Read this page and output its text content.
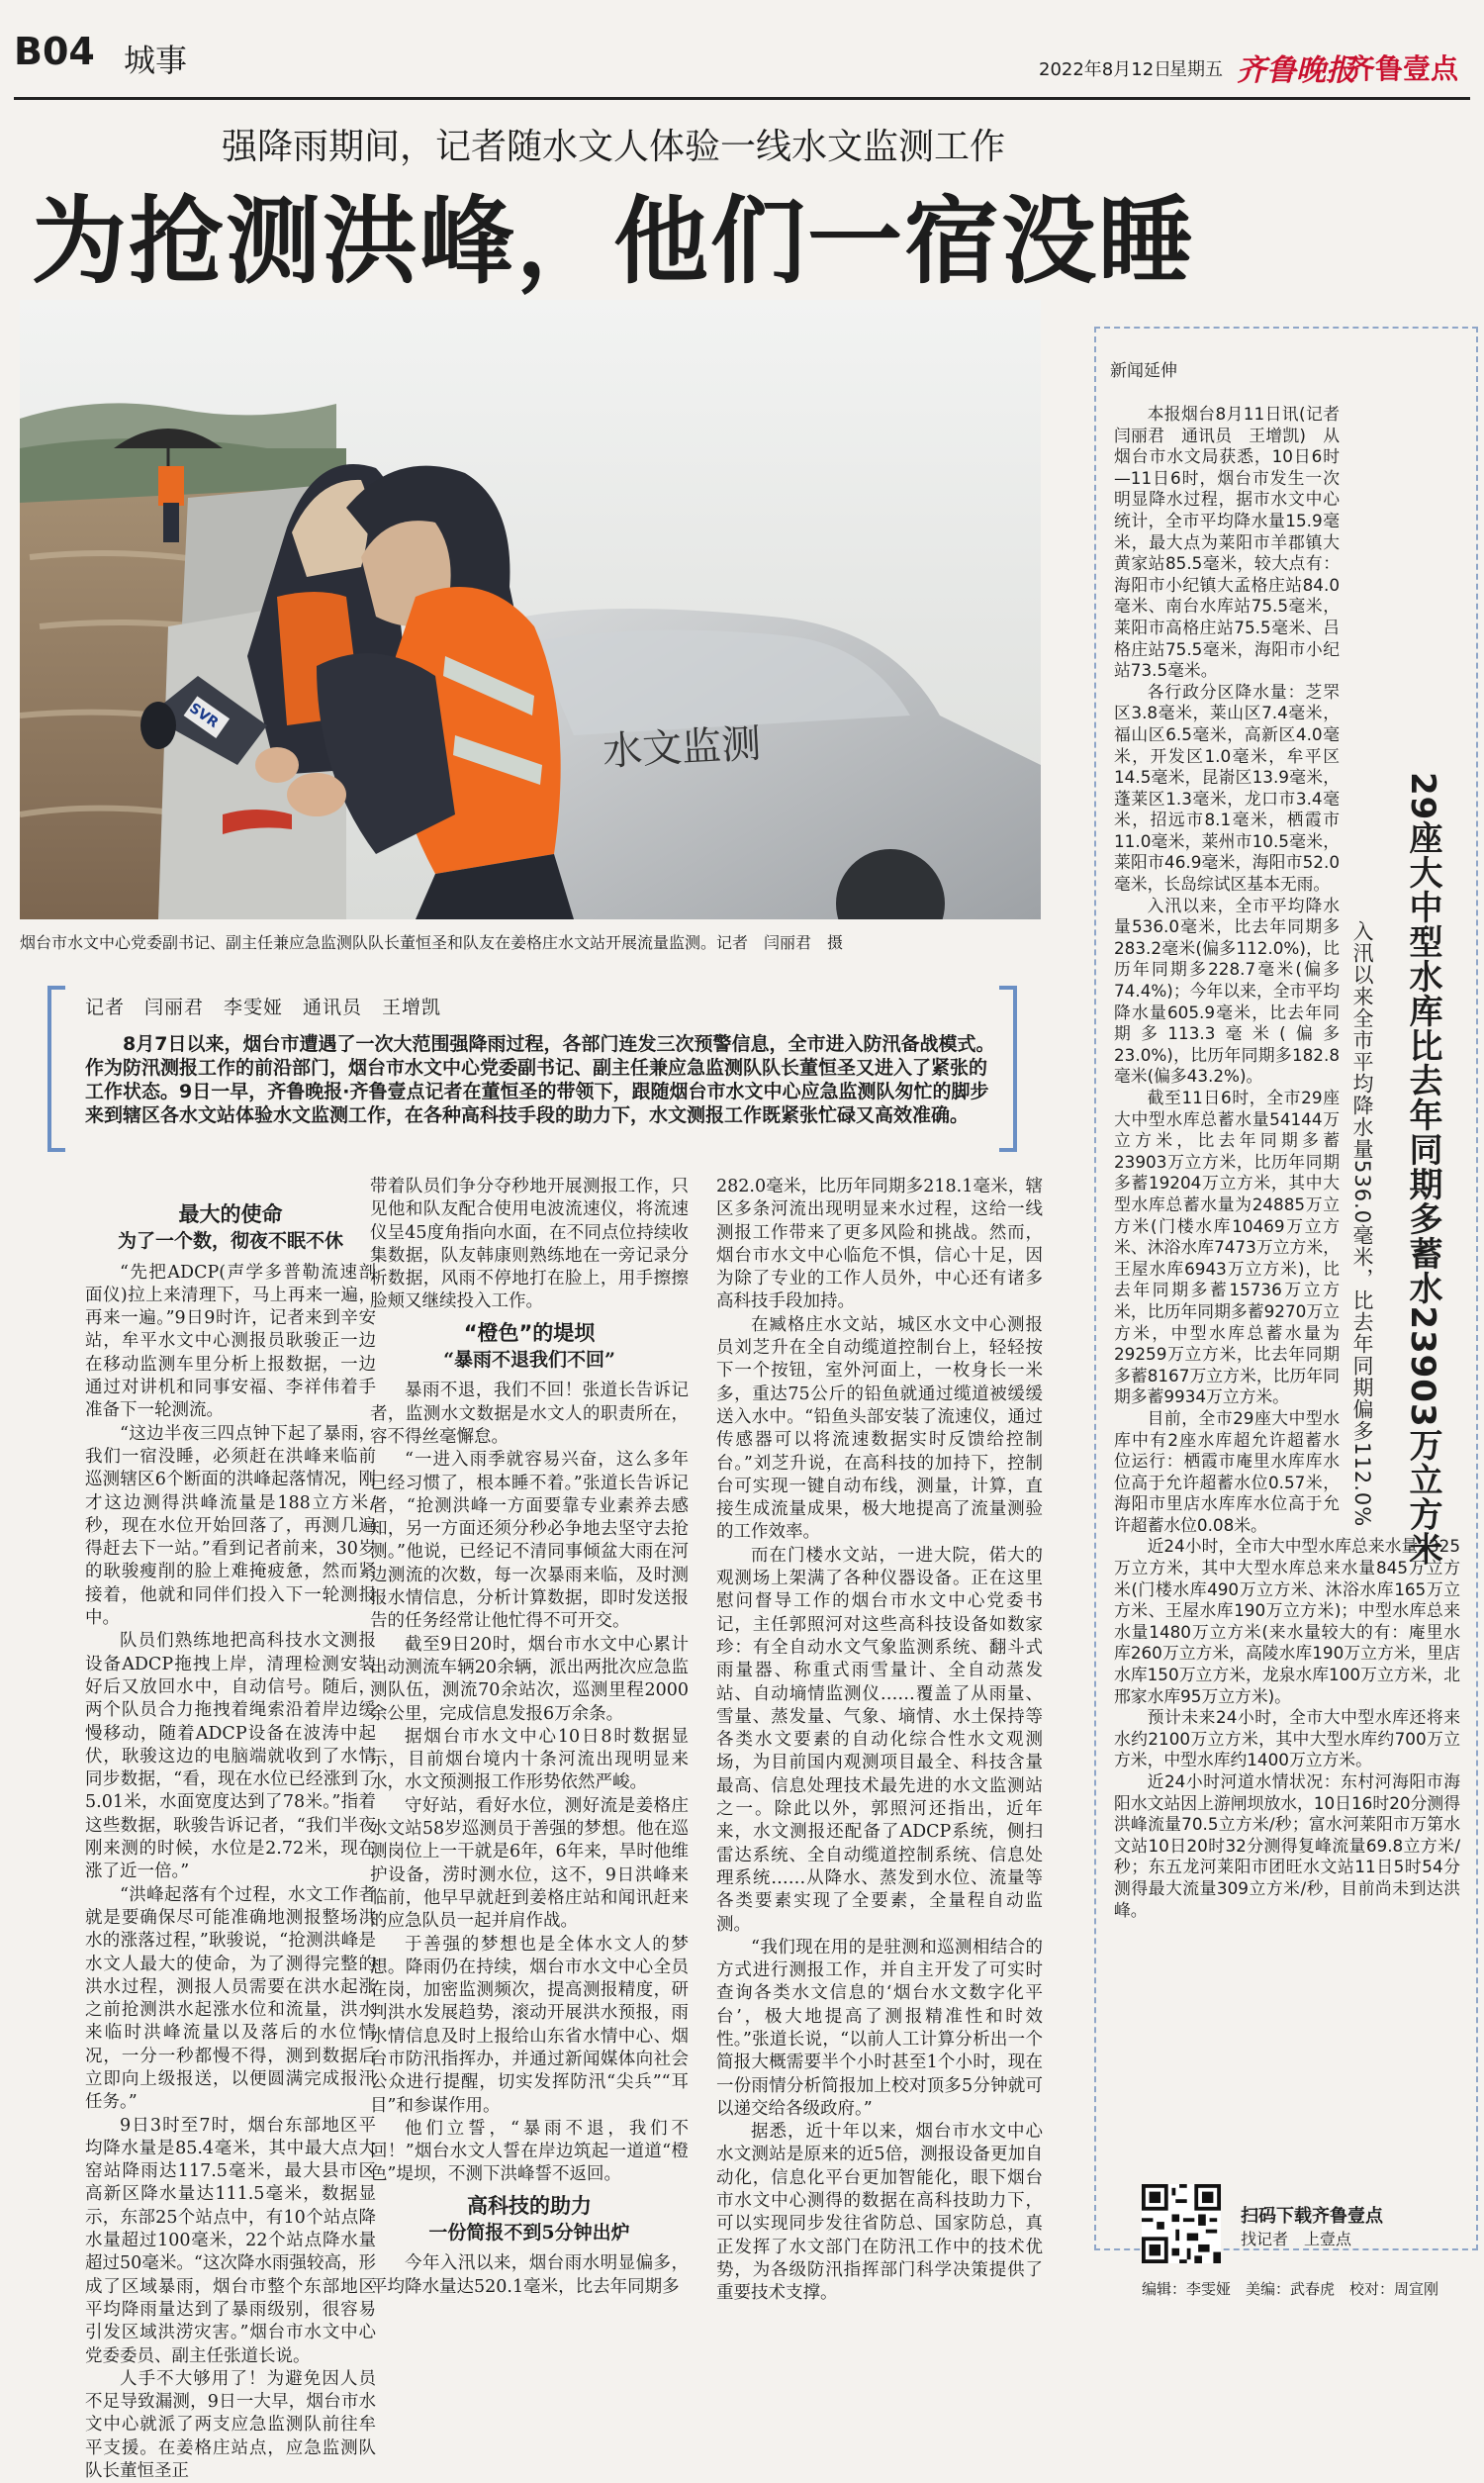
B04 城事	2022年8月12日
星期五 齐鲁晚报
齐鲁壹点
强降雨期间，记者随水文人体验一线水文监测工作
为抢测洪峰，他们一宿没睡
水文监测
SVR
烟台市水文中心党委副书记、副主任兼应急监测队队长董恒圣和队友在姜格庄水文站开展流量监测。记者　闫丽君　摄
记者　闫丽君　李雯娅　通讯员　王增凯
8月7日以来，烟台市遭遇了一次大范围强降雨过程，各部门连发三次预警信息，全市进入防汛备战模式。作为防汛测报工作的前沿部门，烟台市水文中心党委副书记、副主任兼应急监测队队长董恒圣又进入了紧张的工作状态。9日一早，齐鲁晚报·齐鲁壹点记者在董恒圣的带领下，跟随烟台市水文中心应急监测队匆忙的脚步来到辖区各水文站体验水文监测工作，在各种高科技手段的助力下，水文测报工作既紧张忙碌又高效准确。
最大的使命
为了一个数，彻夜不眠不休

“先把ADCP(声学多普勒流速剖面仪)拉上来清理下，马上再来一遍，再来一遍。”9日9时许，记者来到辛安站，牟平水文中心测报员耿骏正一边在移动监测车里分析上报数据，一边通过对讲机和同事安福、李祥伟着手准备下一轮测流。

“这边半夜三四点钟下起了暴雨，我们一宿没睡，必须赶在洪峰来临前巡测辖区6个断面的洪峰起落情况，刚才这边测得洪峰流量是188立方米/秒，现在水位开始回落了，再测几遍得赶去下一站。”看到记者前来，30岁的耿骏瘦削的脸上难掩疲惫，然而紧接着，他就和同伴们投入下一轮测报中。

队员们熟练地把高科技水文测报设备ADCP拖拽上岸，清理检测安装好后又放回水中，自动信号。随后，两个队员合力拖拽着绳索沿着岸边缓慢移动，随着ADCP设备在波涛中起伏，耿骏这边的电脑端就收到了水情同步数据，“看，现在水位已经涨到了5.01米，水面宽度达到了78米。”指着这些数据，耿骏告诉记者，“我们半夜刚来测的时候，水位是2.72米，现在涨了近一倍。”

“洪峰起落有个过程，水文工作者就是要确保尽可能准确地测报整场洪水的涨落过程，”耿骏说，“抢测洪峰是水文人最大的使命，为了测得完整的洪水过程，测报人员需要在洪水起涨之前抢测洪水起涨水位和流量，洪水来临时洪峰流量以及落后的水位情况，一分一秒都慢不得，测到数据后立即向上级报送，以便圆满完成报汛任务。”

9日3时至7时，烟台东部地区平均降水量是85.4毫米，其中最大点大窑站降雨达117.5毫米，最大县市区高新区降水量达111.5毫米，数据显示，东部25个站点中，有10个站点降水量超过100毫米，22个站点降水量超过50毫米。“这次降水雨强较高，形成了区域暴雨，烟台市整个东部地区平均降雨量达到了暴雨级别，很容易引发区域洪涝灾害。”烟台市水文中心党委委员、副主任张道长说。

人手不大够用了！为避免因人员不足导致漏测，9日一大早，烟台市水文中心就派了两支应急监测队前往牟平支援。在姜格庄站点，应急监测队队长董恒圣正

带着队员们争分夺秒地开展测报工作，只见他和队友配合使用电波流速仪，将流速仪呈45度角指向水面，在不同点位持续收集数据，队友韩康则熟练地在一旁记录分析数据，风雨不停地打在脸上，用手擦擦脸颊又继续投入工作。

“橙色”的堤坝
“暴雨不退我们不回”

暴雨不退，我们不回！张道长告诉记者，监测水文数据是水文人的职责所在，容不得丝毫懈怠。

“一进入雨季就容易兴奋，这么多年已经习惯了，根本睡不着。”张道长告诉记者，“抢测洪峰一方面要靠专业素养去感知，另一方面还须分秒必争地去坚守去抢测。”他说，已经记不清同事倾盆大雨在河边测流的次数，每一次暴雨来临，及时测报水情信息，分析计算数据，即时发送报告的任务经常让他忙得不可开交。

截至9日20时，烟台市水文中心累计出动测流车辆20余辆，派出两批次应急监测队伍，测流70余站次，巡测里程2000余公里，完成信息发报6万余条。

据烟台市水文中心10日8时数据显示，目前烟台境内十条河流出现明显来水，水文预测报工作形势依然严峻。

守好站，看好水位，测好流是姜格庄水文站58岁巡测员于善强的梦想。他在巡测岗位上一干就是6年，6年来，旱时他维护设备，涝时测水位，这不，9日洪峰来临前，他早早就赶到姜格庄站和闻讯赶来的应急队员一起并肩作战。

于善强的梦想也是全体水文人的梦想。降雨仍在持续，烟台市水文中心全员在岗，加密监测频次，提高测报精度，研判洪水发展趋势，滚动开展洪水预报，雨水情信息及时上报给山东省水情中心、烟台市防汛指挥办，并通过新闻媒体向社会公众进行提醒，切实发挥防汛“尖兵”“耳目”和参谋作用。

他们立誓，“暴雨不退，我们不回！”烟台水文人誓在岸边筑起一道道“橙色”堤坝，不测下洪峰誓不返回。

高科技的助力
一份简报不到5分钟出炉

今年入汛以来，烟台雨水明显偏多，平均降水量达520.1毫米，比去年同期多

282.0毫米，比历年同期多218.1毫米，辖区多条河流出现明显来水过程，这给一线测报工作带来了更多风险和挑战。然而，烟台市水文中心临危不惧，信心十足，因为除了专业的工作人员外，中心还有诸多高科技手段加持。

在臧格庄水文站，城区水文中心测报员刘芝升在全自动缆道控制台上，轻轻按下一个按钮，室外河面上，一枚身长一米多，重达75公斤的铅鱼就通过缆道被缓缓送入水中。“铅鱼头部安装了流速仪，通过传感器可以将流速数据实时反馈给控制台。”刘芝升说，在高科技的加持下，控制台可实现一键自动布线，测量，计算，直接生成流量成果，极大地提高了流量测验的工作效率。

而在门楼水文站，一进大院，偌大的观测场上架满了各种仪器设备。正在这里慰问督导工作的烟台市水文中心党委书记，主任郭照河对这些高科技设备如数家珍：有全自动水文气象监测系统、翻斗式雨量器、称重式雨雪量计、全自动蒸发站、自动墒情监测仪……覆盖了从雨量、雪量、蒸发量、气象、墒情、水土保持等各类水文要素的自动化综合性水文观测场，为目前国内观测项目最全、科技含量最高、信息处理技术最先进的水文监测站之一。除此以外，郭照河还指出，近年来，水文测报还配备了ADCP系统，侧扫雷达系统、全自动缆道控制系统、信息处理系统……从降水、蒸发到水位、流量等各类要素实现了全要素，全量程自动监测。

“我们现在用的是驻测和巡测相结合的方式进行测报工作，并自主开发了可实时查询各类水文信息的‘烟台水文数字化平台’，极大地提高了测报精准性和时效性。”张道长说，“以前人工计算分析出一个简报大概需要半个小时甚至1个小时，现在一份雨情分析简报加上校对顶多5分钟就可以递交给各级政府。”

据悉，近十年以来，烟台市水文中心水文测站是原来的近5倍，测报设备更加自动化，信息化平台更加智能化，眼下烟台市水文中心测得的数据在高科技助力下，可以实现同步发往省防总、国家防总，真正发挥了水文部门在防汛工作中的技术优势，为各级防汛指挥部门科学决策提供了重要技术支撑。

新闻延伸

本报烟台8月11日讯(记者　闫丽君　通讯员　王增凯)　从烟台市水文局获悉，10日6时—11日6时，烟台市发生一次明显降水过程，据市水文中心统计，全市平均降水量15.9毫米，最大点为莱阳市羊郡镇大黄家站85.5毫米，较大点有：海阳市小纪镇大孟格庄站84.0毫米、南台水库站75.5毫米，莱阳市高格庄站75.5毫米、吕格庄站75.5毫米，海阳市小纪站73.5毫米。

各行政分区降水量：芝罘区3.8毫米，莱山区7.4毫米，福山区6.5毫米，高新区4.0毫米，开发区1.0毫米，牟平区14.5毫米，昆嵛区13.9毫米，蓬莱区1.3毫米，龙口市3.4毫米，招远市8.1毫米，栖霞市11.0毫米，莱州市10.5毫米，莱阳市46.9毫米，海阳市52.0毫米，长岛综试区基本无雨。

入汛以来，全市平均降水量536.0毫米，比去年同期多283.2毫米(偏多112.0%)，比历年同期多228.7毫米(偏多74.4%)；今年以来，全市平均降水量605.9毫米，比去年同期多113.3毫米(偏多23.0%)，比历年同期多182.8毫米(偏多43.2%)。

截至11日6时，全市29座大中型水库总蓄水量54144万立方米，比去年同期多蓄23903万立方米，比历年同期多蓄19204万立方米，其中大型水库总蓄水量为24885万立方米(门楼水库10469万立方米、沐浴水库7473万立方米，王屋水库6943万立方米)，比去年同期多蓄15736万立方米，比历年同期多蓄9270万立方米，中型水库总蓄水量为29259万立方米，比去年同期多蓄8167万立方米，比历年同期多蓄9934万立方米。

目前，全市29座大中型水库中有2座水库超允许超蓄水位运行：栖霞市庵里水库库水位高于允许超蓄水位0.57米，海阳市里店水库库水位高于允许超蓄水位0.08米。

近24小时，全市大中型水库总来水量2325万立方米，其中大型水库总来水量845万立方米(门楼水库490万立方米、沐浴水库165万立方米、王屋水库190万立方米)；中型水库总来水量1480万立方米(来水量较大的有：庵里水库260万立方米，高陵水库190万立方米，里店水库150万立方米，龙泉水库100万立方米，北邢家水库95万立方米)。

预计未来24小时，全市大中型水库还将来水约2100万立方米，其中大型水库约700万立方米，中型水库约1400万立方米。

近24小时河道水情状况：东村河海阳市海阳水文站因上游闸坝放水，10日16时20分测得洪峰流量70.5立方米/秒；富水河莱阳市万第水文站10日20时32分测得复峰流量69.8立方米/秒；东五龙河莱阳市团旺水文站11日5时54分测得最大流量309立方米/秒，目前尚未到达洪峰。

29座大中型水库比去年同期多蓄水23903万立方米
入汛以来全市平均降水量536.0毫米，比去年同期偏多112.0%
扫码下载齐鲁壹点
找记者　上壹点
编辑：李雯娅　美编：武春虎　校对：周宣刚
